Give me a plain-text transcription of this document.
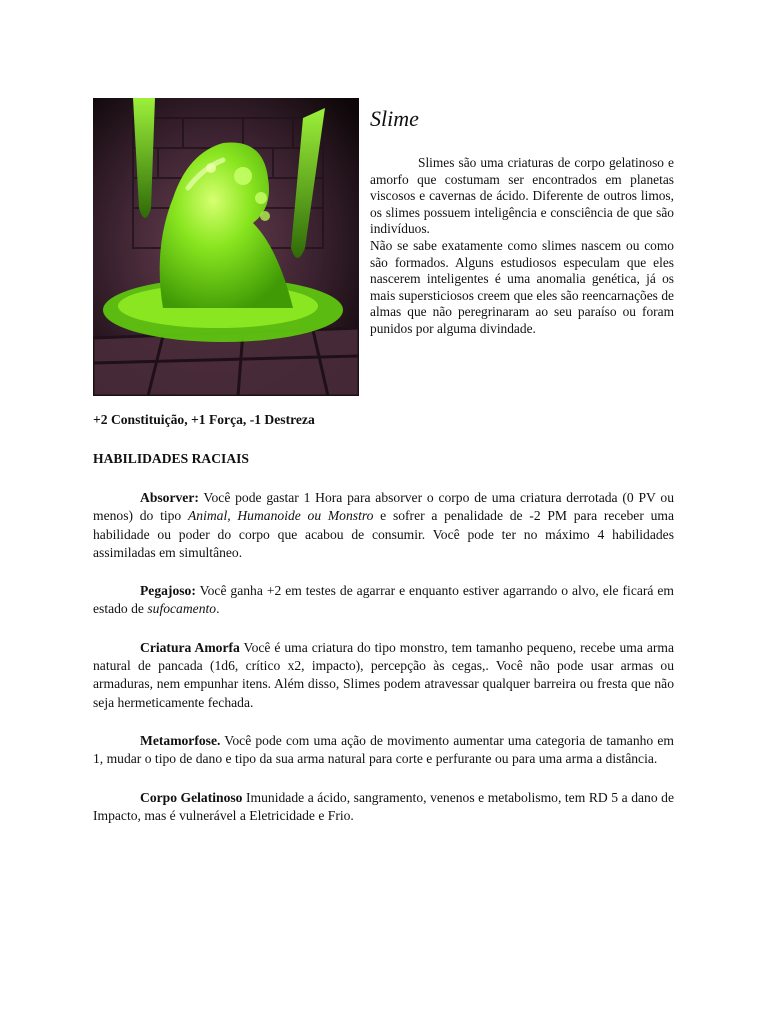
Slime

Slimes são uma criaturas de corpo gelatinoso e amorfo que costumam ser encontrados em planetas viscosos e cavernas de ácido. Diferente de outros limos, os slimes possuem inteligência e consciência de que são indivíduos.

Não se sabe exatamente como slimes nascem ou como são formados. Alguns estudiosos especulam que eles nascerem inteligentes é uma anomalia genética, já os mais supersticiosos creem que eles são reencarnações de almas que não peregrinaram ao seu paraíso ou foram punidos por alguma divindade.

+2 Constituição, +1 Força, -1 Destreza

HABILIDADES RACIAIS

Absorver: Você pode gastar 1 Hora para absorver o corpo de uma criatura derrotada (0 PV ou menos) do tipo Animal, Humanoide ou Monstro e sofrer a penalidade de -2 PM para receber uma habilidade ou poder do corpo que acabou de consumir. Você pode ter no máximo 4 habilidades assimiladas em simultâneo.

Pegajoso: Você ganha +2 em testes de agarrar e enquanto estiver agarrando o alvo, ele ficará em estado de sufocamento.

Criatura Amorfa Você é uma criatura do tipo monstro, tem tamanho pequeno, recebe uma arma natural de pancada (1d6, crítico x2, impacto), percepção às cegas,. Você não pode usar armas ou armaduras, nem empunhar itens. Além disso, Slimes podem atravessar qualquer barreira ou fresta que não seja hermeticamente fechada.

Metamorfose. Você pode com uma ação de movimento aumentar uma categoria de tamanho em 1, mudar o tipo de dano e tipo da sua arma natural para corte e perfurante ou para uma arma a distância.

Corpo Gelatinoso Imunidade a ácido, sangramento, venenos e metabolismo, tem RD 5 a dano de Impacto, mas é vulnerável a Eletricidade e Frio.
